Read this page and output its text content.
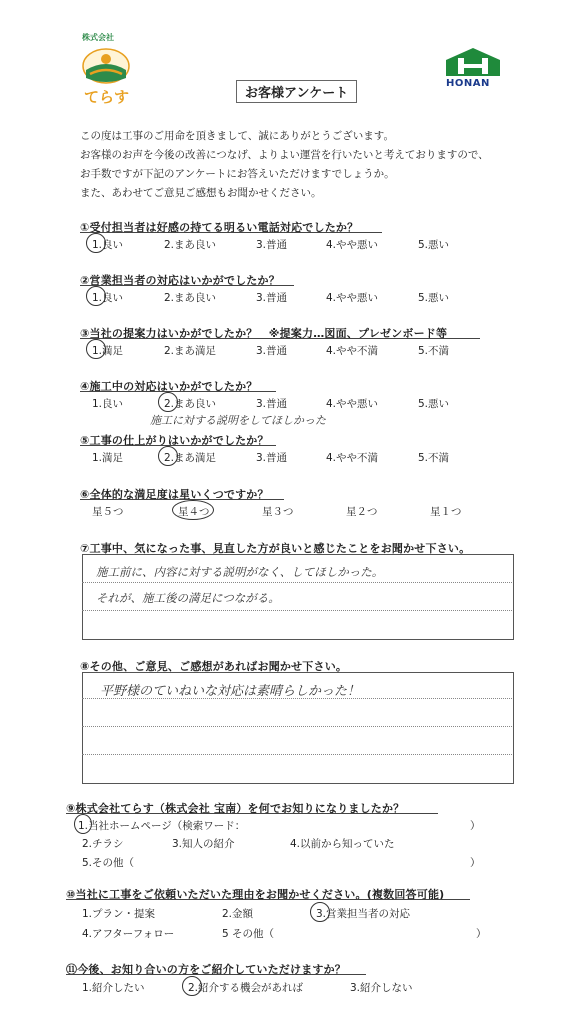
株式会社
てらす
HONAN
お客様アンケート
この度は工事のご用命を頂きまして、誠にありがとうございます。
お客様のお声を今後の改善につなげ、よりよい運営を行いたいと考えておりますので、
お手数ですが下記のアンケートにお答えいただけますでしょうか。
また、あわせてご意見ご感想もお聞かせください。
①受付担当者は好感の持てる明るい電話対応でしたか？
1.良い	2.まあ良い	3.普通	4.やや悪い	5.悪い
②営業担当者の対応はいかがでしたか？
1.良い	2.まあ良い	3.普通	4.やや悪い	5.悪い
③当社の提案力はいかがでしたか？　※提案力…図面、プレゼンボード等
1.満足	2.まあ満足	3.普通	4.やや不満	5.不満
④施工中の対応はいかがでしたか？
1.良い	2.まあ良い	3.普通	4.やや悪い	5.悪い
施工に対する説明をしてほしかった
⑤工事の仕上がりはいかがでしたか？
1.満足	2.まあ満足	3.普通	4.やや不満	5.不満
⑥全体的な満足度は星いくつですか？
星５つ	星４つ	星３つ	星２つ	星１つ
⑦工事中、気になった事、見直した方が良いと感じたことをお聞かせ下さい。
施工前に、内容に対する説明がなく、してほしかった。
それが、施工後の満足につながる。
⑧その他、ご意見、ご感想があればお聞かせ下さい。
平野様のていねいな対応は素晴らしかった！
⑨株式会社てらす（株式会社 宝南）を何でお知りになりましたか？
1.当社ホームページ（検索ワード：	）
2.チラシ	3.知人の紹介	4.以前から知っていた
5.その他（	）
⑩当社に工事をご依頼いただいた理由をお聞かせください。(複数回答可能)
1.プラン・提案	2.金額	3.営業担当者の対応
4.アフターフォロー	5 その他（	）
⑪今後、お知り合いの方をご紹介していただけますか？
1.紹介したい	2.紹介する機会があれば	3.紹介しない
